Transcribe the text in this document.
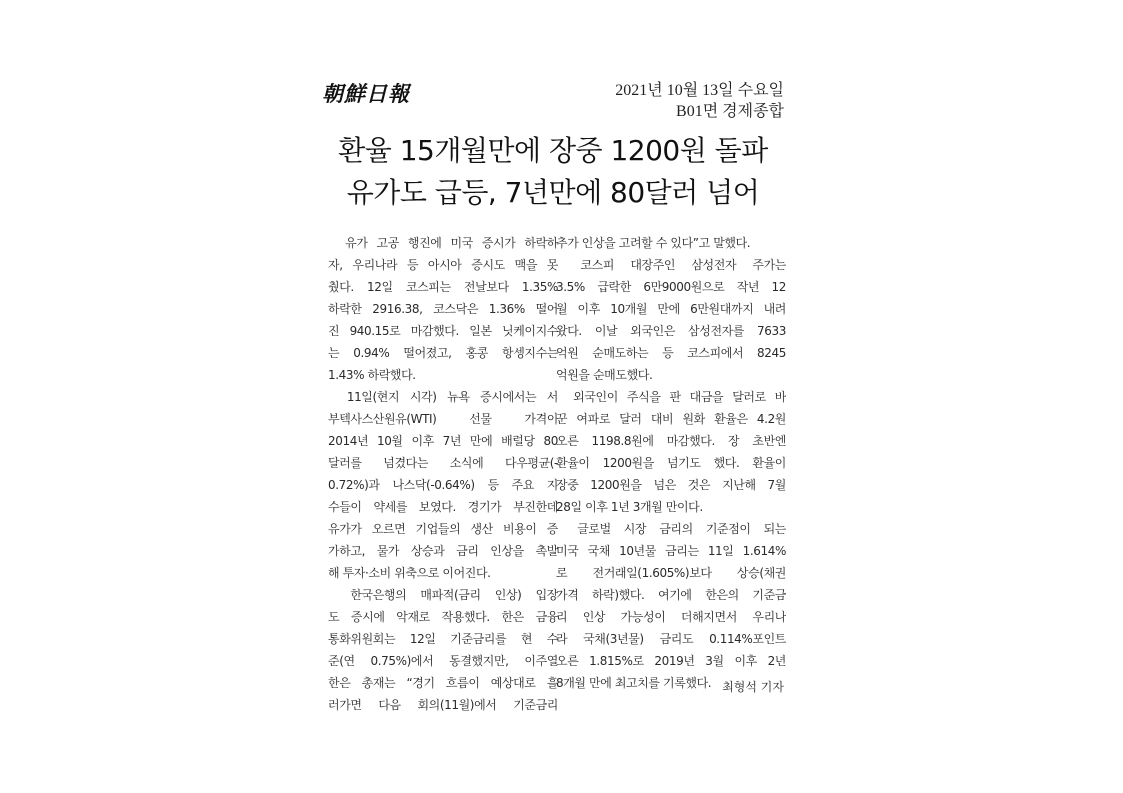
朝鮮日報	2021년 10월 13일 수요일
B01면 경제종합
환율 15개월만에 장중 1200원 돌파
유가도 급등, 7년만에 80달러 넘어
　유가 고공 행진에 미국 증시가 하락하
자, 우리나라 등 아시아 증시도 맥을 못
췄다. 12일 코스피는 전날보다 1.35%
하락한 2916.38, 코스닥은 1.36% 떨어
진 940.15로 마감했다. 일본 닛케이지수
는 0.94% 떨어졌고, 홍콩 항셍지수는
1.43% 하락했다.
　11일(현지 시각) 뉴욕 증시에서는 서
부텍사스산원유(WTI) 선물 가격이
2014년 10월 이후 7년 만에 배럴당 80
달러를 넘겼다는 소식에 다우평균(-
0.72%)과 나스닥(-0.64%) 등 주요 지
수들이 약세를 보였다. 경기가 부진한데
유가가 오르면 기업들의 생산 비용이 증
가하고, 물가 상승과 금리 인상을 촉발
해 투자·소비 위축으로 이어진다.
　한국은행의 매파적(금리 인상) 입장
도 증시에 악재로 작용했다. 한은 금융
통화위원회는 12일 기준금리를 현 수
준(연 0.75%)에서 동결했지만, 이주열
한은 총재는 “경기 흐름이 예상대로 흘
러가면 다음 회의(11월)에서 기준금리
추가 인상을 고려할 수 있다”고 말했다.
　코스피 대장주인 삼성전자 주가는
3.5% 급락한 6만9000원으로 작년 12
월 이후 10개월 만에 6만원대까지 내려
왔다. 이날 외국인은 삼성전자를 7633
억원 순매도하는 등 코스피에서 8245
억원을 순매도했다.
　외국인이 주식을 판 대금을 달러로 바
꾼 여파로 달러 대비 원화 환율은 4.2원
오른 1198.8원에 마감했다. 장 초반엔
환율이 1200원을 넘기도 했다. 환율이
장중 1200원을 넘은 것은 지난해 7월
28일 이후 1년 3개월 만이다.
　글로벌 시장 금리의 기준점이 되는
미국 국채 10년물 금리는 11일 1.614%
로 전거래일(1.605%)보다 상승(채권
가격 하락)했다. 여기에 한은의 기준금
리 인상 가능성이 더해지면서 우리나
라 국채(3년물) 금리도 0.114%포인트
오른 1.815%로 2019년 3월 이후 2년
8개월 만에 최고치를 기록했다. 최형석 기자
